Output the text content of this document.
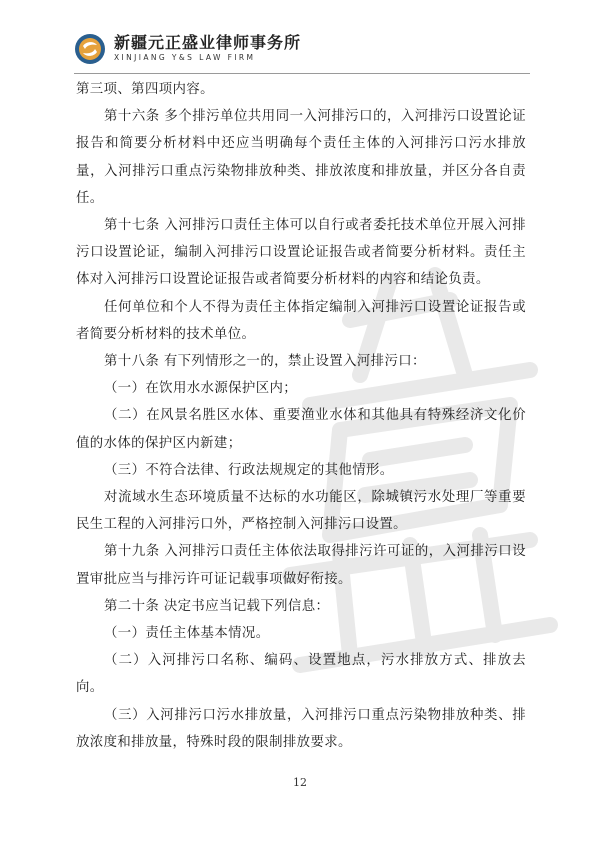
新疆元正盛业律师事务所
XINJIANG Y&S LAW FIRM

第三项、第四项内容。

第十六条 多个排污单位共用同一入河排污口的，入河排污口设置论证报告和简要分析材料中还应当明确每个责任主体的入河排污口污水排放量，入河排污口重点污染物排放种类、排放浓度和排放量，并区分各自责任。

第十七条 入河排污口责任主体可以自行或者委托技术单位开展入河排污口设置论证，编制入河排污口设置论证报告或者简要分析材料。责任主体对入河排污口设置论证报告或者简要分析材料的内容和结论负责。

任何单位和个人不得为责任主体指定编制入河排污口设置论证报告或者简要分析材料的技术单位。

第十八条 有下列情形之一的，禁止设置入河排污口：

（一）在饮用水水源保护区内；

（二）在风景名胜区水体、重要渔业水体和其他具有特殊经济文化价值的水体的保护区内新建；

（三）不符合法律、行政法规规定的其他情形。

对流域水生态环境质量不达标的水功能区，除城镇污水处理厂等重要民生工程的入河排污口外，严格控制入河排污口设置。

第十九条 入河排污口责任主体依法取得排污许可证的，入河排污口设置审批应当与排污许可证记载事项做好衔接。

第二十条 决定书应当记载下列信息：

（一）责任主体基本情况。

（二）入河排污口名称、编码、设置地点，污水排放方式、排放去向。

（三）入河排污口污水排放量，入河排污口重点污染物排放种类、排放浓度和排放量，特殊时段的限制排放要求。

12
